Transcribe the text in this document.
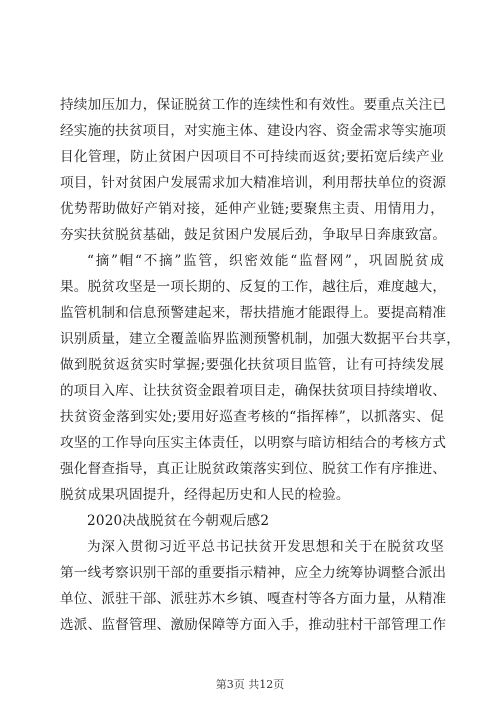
持续加压加力，保证脱贫工作的连续性和有效性。要重点关注已
经实施的扶贫项目，对实施主体、建设内容、资金需求等实施项
目化管理，防止贫困户因项目不可持续而返贫;要拓宽后续产业
项目，针对贫困户发展需求加大精准培训，利用帮扶单位的资源
优势帮助做好产销对接，延伸产业链;要聚焦主责、用情用力，
夯实扶贫脱贫基础，鼓足贫困户发展后劲，争取早日奔康致富。
“摘”帽“不摘”监管，织密效能“监督网”，巩固脱贫成
果。脱贫攻坚是一项长期的、反复的工作，越往后，难度越大，
监管机制和信息预警建起来，帮扶措施才能跟得上。要提高精准
识别质量，建立全覆盖临界监测预警机制，加强大数据平台共享，
做到脱贫返贫实时掌握;要强化扶贫项目监管，让有可持续发展
的项目入库、让扶贫资金跟着项目走，确保扶贫项目持续增收、
扶贫资金落到实处;要用好巡查考核的“指挥棒”，以抓落实、促
攻坚的工作导向压实主体责任，以明察与暗访相结合的考核方式
强化督查指导，真正让脱贫政策落实到位、脱贫工作有序推进、
脱贫成果巩固提升，经得起历史和人民的检验。
2020决战脱贫在今朝观后感2
为深入贯彻习近平总书记扶贫开发思想和关于在脱贫攻坚
第一线考察识别干部的重要指示精神，应全力统筹协调整合派出
单位、派驻干部、派驻苏木乡镇、嘎查村等各方面力量，从精准
选派、监督管理、激励保障等方面入手，推动驻村干部管理工作
第3页 共12页
